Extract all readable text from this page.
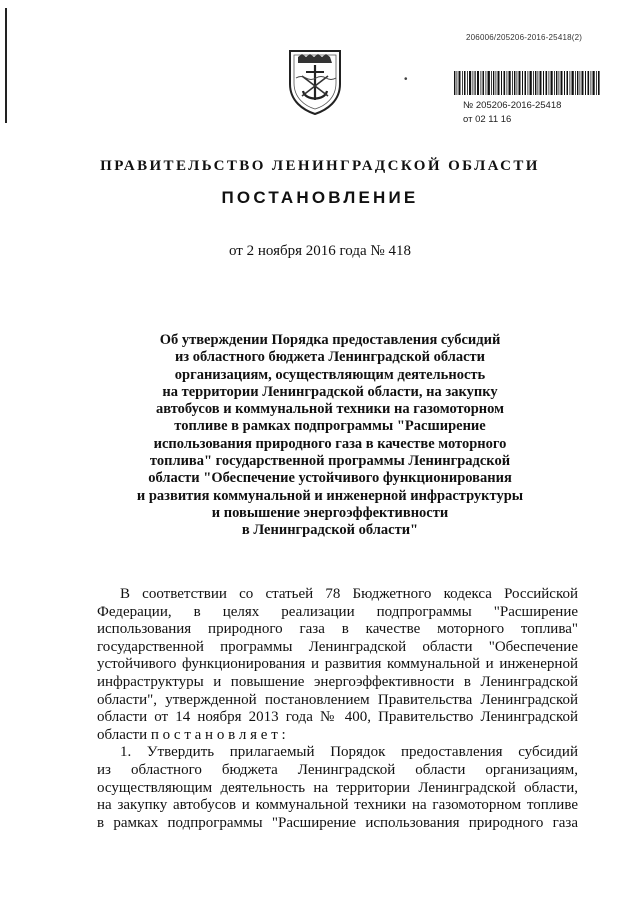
206006/205206-2016-25418(2)
•
№ 205206-2016-25418
от 02 11 16
ПРАВИТЕЛЬСТВО ЛЕНИНГРАДСКОЙ ОБЛАСТИ
ПОСТАНОВЛЕНИЕ
от 2 ноября 2016 года № 418
Об утверждении Порядка предоставления субсидий
из областного бюджета Ленинградской области
организациям, осуществляющим деятельность
на территории Ленинградской области, на закупку
автобусов и коммунальной техники на газомоторном
топливе в рамках подпрограммы "Расширение
использования природного газа в качестве моторного
топлива" государственной программы Ленинградской
области "Обеспечение устойчивого функционирования
и развития коммунальной и инженерной инфраструктуры
и повышение энергоэффективности
в Ленинградской области"
В соответствии со статьей 78 Бюджетного кодекса Российской
Федерации, в целях реализации подпрограммы "Расширение
использования природного газа в качестве моторного топлива"
государственной программы Ленинградской области "Обеспечение
устойчивого функционирования и развития коммунальной и инженерной
инфраструктуры и повышение энергоэффективности в Ленинградской
области", утвержденной постановлением Правительства Ленинградской
области от 14 ноября 2013 года № 400, Правительство Ленинградской
области п о с т а н о в л я е т :
1. Утвердить прилагаемый Порядок предоставления субсидий
из областного бюджета Ленинградской области организациям,
осуществляющим деятельность на территории Ленинградской области,
на закупку автобусов и коммунальной техники на газомоторном топливе
в рамках подпрограммы "Расширение использования природного газа
